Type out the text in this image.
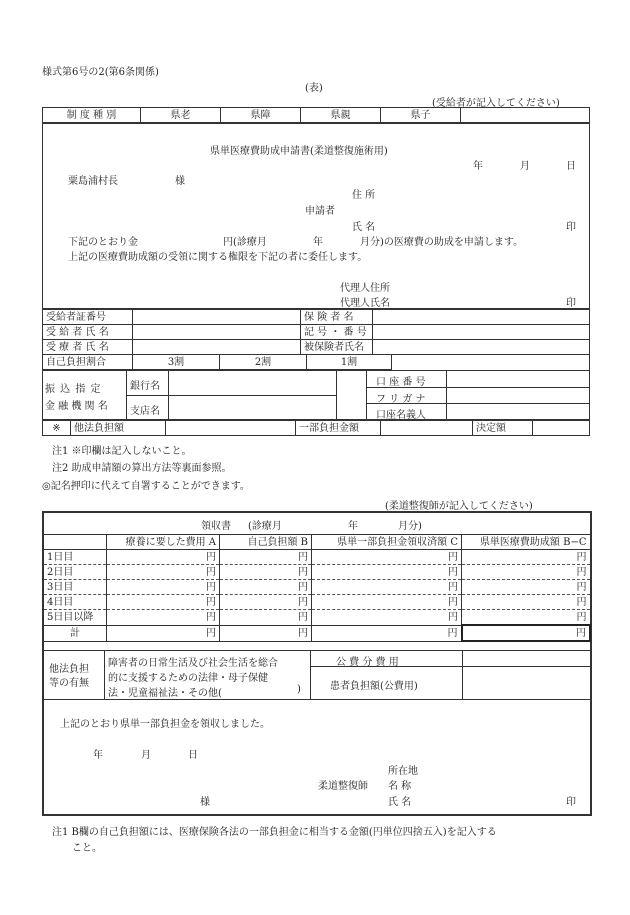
様式第6号の2(第6条関係)
(表)
(受給者が記入してください)
制 度 種 別	県老	県障	県親	県子	
県単医療費助成申請書(柔道整復施術用)
年	月	日
粟島浦村長	様
住 所
申請者
氏 名	印
下記のとおり金	円(診療月	年	月分)の医療費の助成を申請します。
上記の医療費助成額の受領に関する権限を下記の者に委任します。
代理人住所
代理人氏名	印
受給者証番号		保 険 者 名	
受 給 者 氏 名		記 号 ・ 番 号	
受 療 者 氏 名		被保険者氏名	
自己負担割合	3割	2割	1割
振 込 指 定
金 融 機 関 名
銀行名
支店名
口 座 番 号
フ リ ガ ナ
口座名義人
※	他法負担額		一部負担金額		決定額	
注1 ※印欄は記入しないこと。
注2 助成申請額の算出方法等裏面参照。
◎記名押印に代えて自署することができます。
(柔道整復師が記入してください)
領収書 (診療月	年	月分)
	療養に要した費用 A	自己負担額 B	県単一部負担金領収済額 C	県単医療費助成額 B−C
1日目	円	円	円	円
2日目	円	円	円	円
3日目	円	円	円	円
4日目	円	円	円	円
5日目以降	円	円	円	円
計	円	円	円	円
他法負担
等の有無
障害者の日常生活及び社会生活を総合
的に支援するための法律・母子保健
法・児童福祉法・その他(	)
公 費 分 費 用
患者負担額(公費用)
上記のとおり県単一部負担金を領収しました。
年	月	日
所在地
柔道整復師 名 称
様	氏 名	印
注1 B欄の自己負担額には、医療保険各法の一部負担金に相当する金額(円単位四捨五入)を記入する
こと。
